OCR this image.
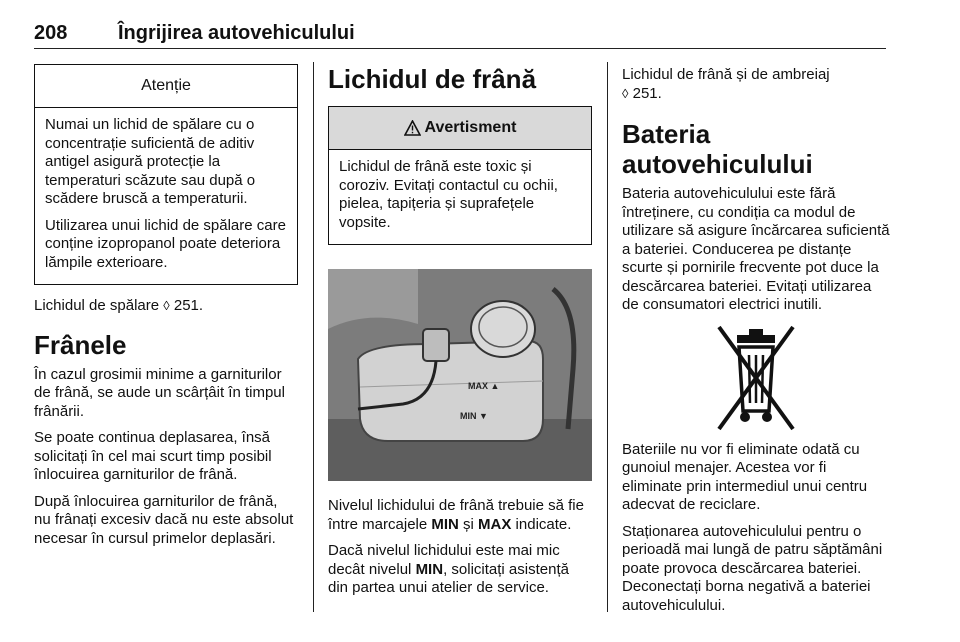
208	Îngrijirea autovehiculului
Atenție

Numai un lichid de spălare cu o concentrație suficientă de aditiv antigel asigură protecție la temperaturi scăzute sau după o scădere bruscă a temperaturii.

Utilizarea unui lichid de spălare care conține izopropanol poate deteriora lămpile exterioare.

Lichidul de spălare ◊ 251.

Frânele

În cazul grosimii minime a garniturilor de frână, se aude un scârțâit în timpul frânării.

Se poate continua deplasarea, însă solicitați în cel mai scurt timp posibil înlocuirea garniturilor de frână.

După înlocuirea garniturilor de frână, nu frânați excesiv dacă nu este absolut necesar în cursul primelor deplasări.

Lichidul de frână
Avertisment

Lichidul de frână este toxic și coroziv. Evitați contactul cu ochii, pielea, tapițeria și suprafețele vopsite.

MAX ▲
MIN ▼

Nivelul lichidului de frână trebuie să fie între marcajele MIN și MAX indicate.

Dacă nivelul lichidului este mai mic decât nivelul MIN, solicitați asistență din partea unui atelier de service.

Lichidul de frână și de ambreiaj
◊ 251.

Bateria autovehiculului

Bateria autovehiculului este fără întreținere, cu condiția ca modul de utilizare să asigure încărcarea suficientă a bateriei. Conducerea pe distanțe scurte și pornirile frecvente pot duce la descărcarea bateriei. Evitați utilizarea de consumatori electrici inutili.

Bateriile nu vor fi eliminate odată cu gunoiul menajer. Acestea vor fi eliminate prin intermediul unui centru adecvat de reciclare.

Staționarea autovehiculului pentru o perioadă mai lungă de patru săptămâni poate provoca descărcarea bateriei. Deconectați borna negativă a bateriei autovehiculului.
